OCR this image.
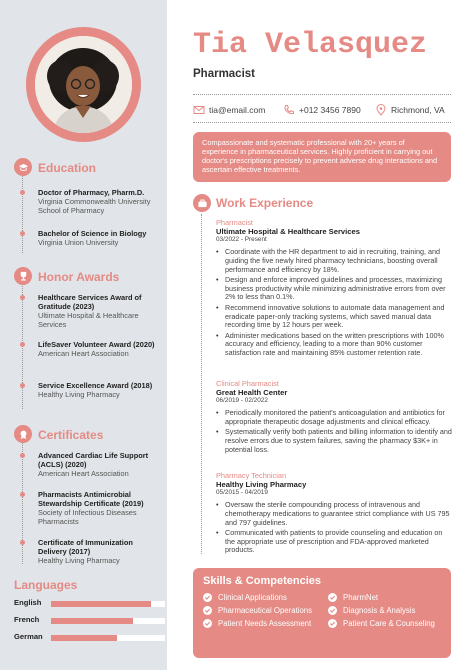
Education
Doctor of Pharmacy, Pharm.D.
Virginia Commonwealth University School of Pharmacy
Bachelor of Science in Biology
Virginia Union University
Honor Awards
Healthcare Services Award of Gratitude (2023)
Ultimate Hospital & Healthcare Services
LifeSaver Volunteer Award (2020)
American Heart Association
Service Excellence Award (2018)
Healthy Living Pharmacy
Certificates
Advanced Cardiac Life Support (ACLS) (2020)
American Heart Association
Pharmacists Antimicrobial Stewardship Certificate (2019)
Society of Infectious Diseases Pharmacists
Certificate of Immunization Delivery (2017)
Healthy Living Pharmacy
Languages
English
French
German
Tia Velasquez
Pharmacist
tia@email.com	+012 3456 7890	Richmond, VA
Compassionate and systematic professional with 20+ years of experience in pharmaceutical services. Highly proficient in carrying out doctor's prescriptions precisely to prevent adverse drug interactions and ascertain effective treatments.
Work Experience
Pharmacist
Ultimate Hospital & Healthcare Services
03/2022 - Present
• Coordinate with the HR department to aid in recruiting, training, and guiding the five newly hired pharmacy technicians, boosting overall performance and efficiency by 18%.
• Design and enforce improved guidelines and processes, maximizing business productivity while minimizing administrative errors from over 2% to less than 0.1%.
• Recommend innovative solutions to automate data management and eradicate paper-only tracking systems, which saved manual data recording time by 12 hours per week.
• Administer medications based on the written prescriptions with 100% accuracy and efficiency, leading to a more than 90% customer satisfaction rate and maintaining 85% customer retention rate.
Clinical Pharmacist
Great Health Center
06/2019 - 02/2022
• Periodically monitored the patient's anticoagulation and antibiotics for appropriate therapeutic dosage adjustments and clinical efficacy.
• Systematically verify both patients and billing information to identify and resolve errors due to system failures, saving the pharmacy $3K+ in potential loss.
Pharmacy Technician
Healthy Living Pharmacy
05/2015 - 04/2019
• Oversaw the sterile compounding process of intravenous and chemotherapy medications to guarantee strict compliance with US 795 and 797 guidelines.
• Communicated with patients to provide counseling and education on the appropriate use of prescription and FDA-approved marketed products.
Skills & Competencies
Clinical Applications	PharmNet
Pharmaceutical Operations	Diagnosis & Analysis
Patient Needs Assessment	Patient Care & Counseling
